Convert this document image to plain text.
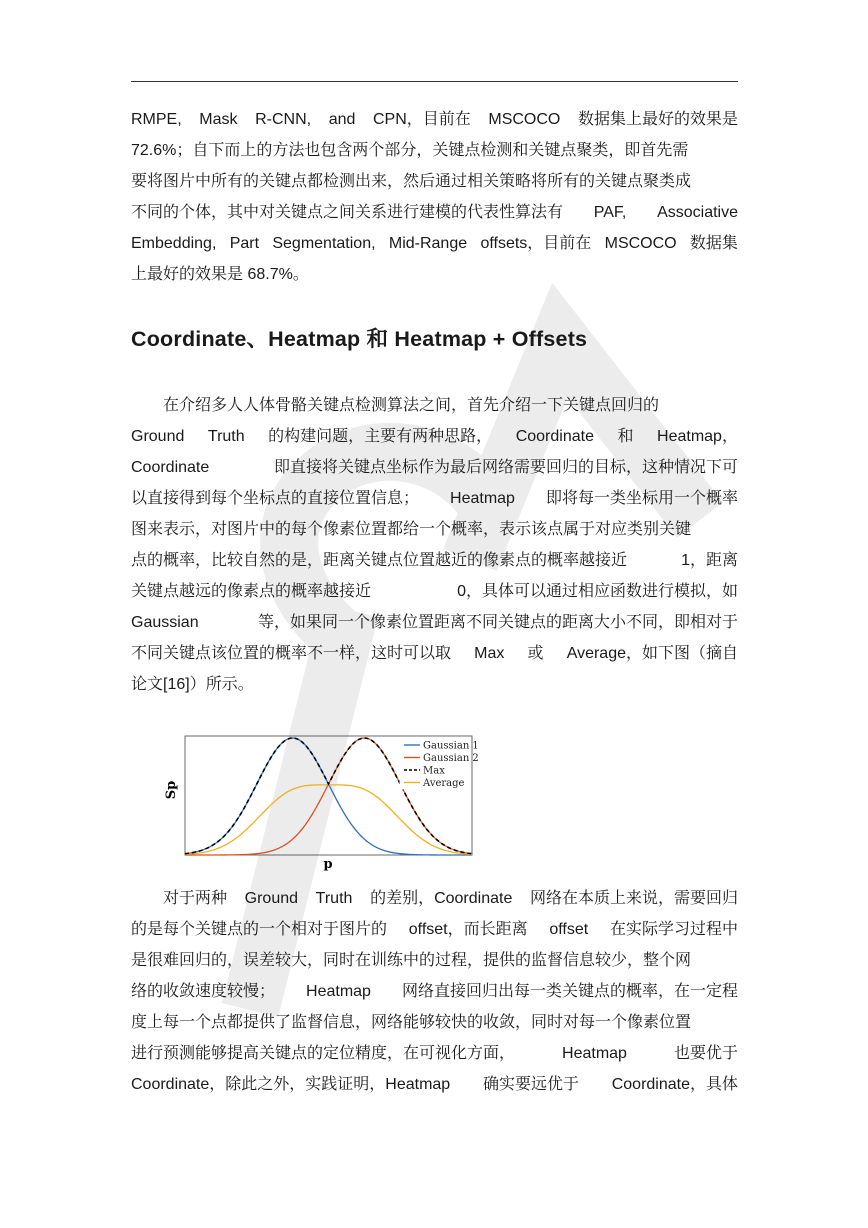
RMPE, Mask R-CNN, and CPN，目前在 MSCOCO 数据集上最好的效果是
72.6%；自下而上的方法也包含两个部分，关键点检测和关键点聚类，即首先需
要将图片中所有的关键点都检测出来，然后通过相关策略将所有的关键点聚类成
不同的个体，其中对关键点之间关系进行建模的代表性算法有 PAF, Associative
Embedding, Part Segmentation, Mid-Range offsets，目前在 MSCOCO 数据集
上最好的效果是 68.7%。
Coordinate、Heatmap 和 Heatmap + Offsets
在介绍多人人体骨骼关键点检测算法之间，首先介绍一下关键点回归的
Ground Truth 的构建问题，主要有两种思路， Coordinate 和 Heatmap，
Coordinate	即直接将关键点坐标作为最后网络需要回归的目标，这种情况下可
以直接得到每个坐标点的直接位置信息； Heatmap 即将每一类坐标用一个概率
图来表示，对图片中的每个像素位置都给一个概率，表示该点属于对应类别关键
点的概率，比较自然的是，距离关键点位置越近的像素点的概率越接近	1，距离
关键点越远的像素点的概率越接近	0，具体可以通过相应函数进行模拟，如
Gaussian	等，如果同一个像素位置距离不同关键点的距离大小不同，即相对于
不同关键点该位置的概率不一样，这时可以取 Max 或 Average，如下图（摘自
论文[16]）所示。
Gaussian 1
Gaussian 2
Max
Average
p
Sp
对于两种 Ground Truth 的差别，Coordinate 网络在本质上来说，需要回归
的是每个关键点的一个相对于图片的 offset，而长距离 offset 在实际学习过程中
是很难回归的，误差较大，同时在训练中的过程，提供的监督信息较少，整个网
络的收敛速度较慢； Heatmap 网络直接回归出每一类关键点的概率，在一定程
度上每一个点都提供了监督信息，网络能够较快的收敛，同时对每一个像素位置
进行预测能够提高关键点的定位精度，在可视化方面，	Heatmap	也要优于
Coordinate，除此之外，实践证明，Heatmap 确实要远优于 Coordinate，具体
